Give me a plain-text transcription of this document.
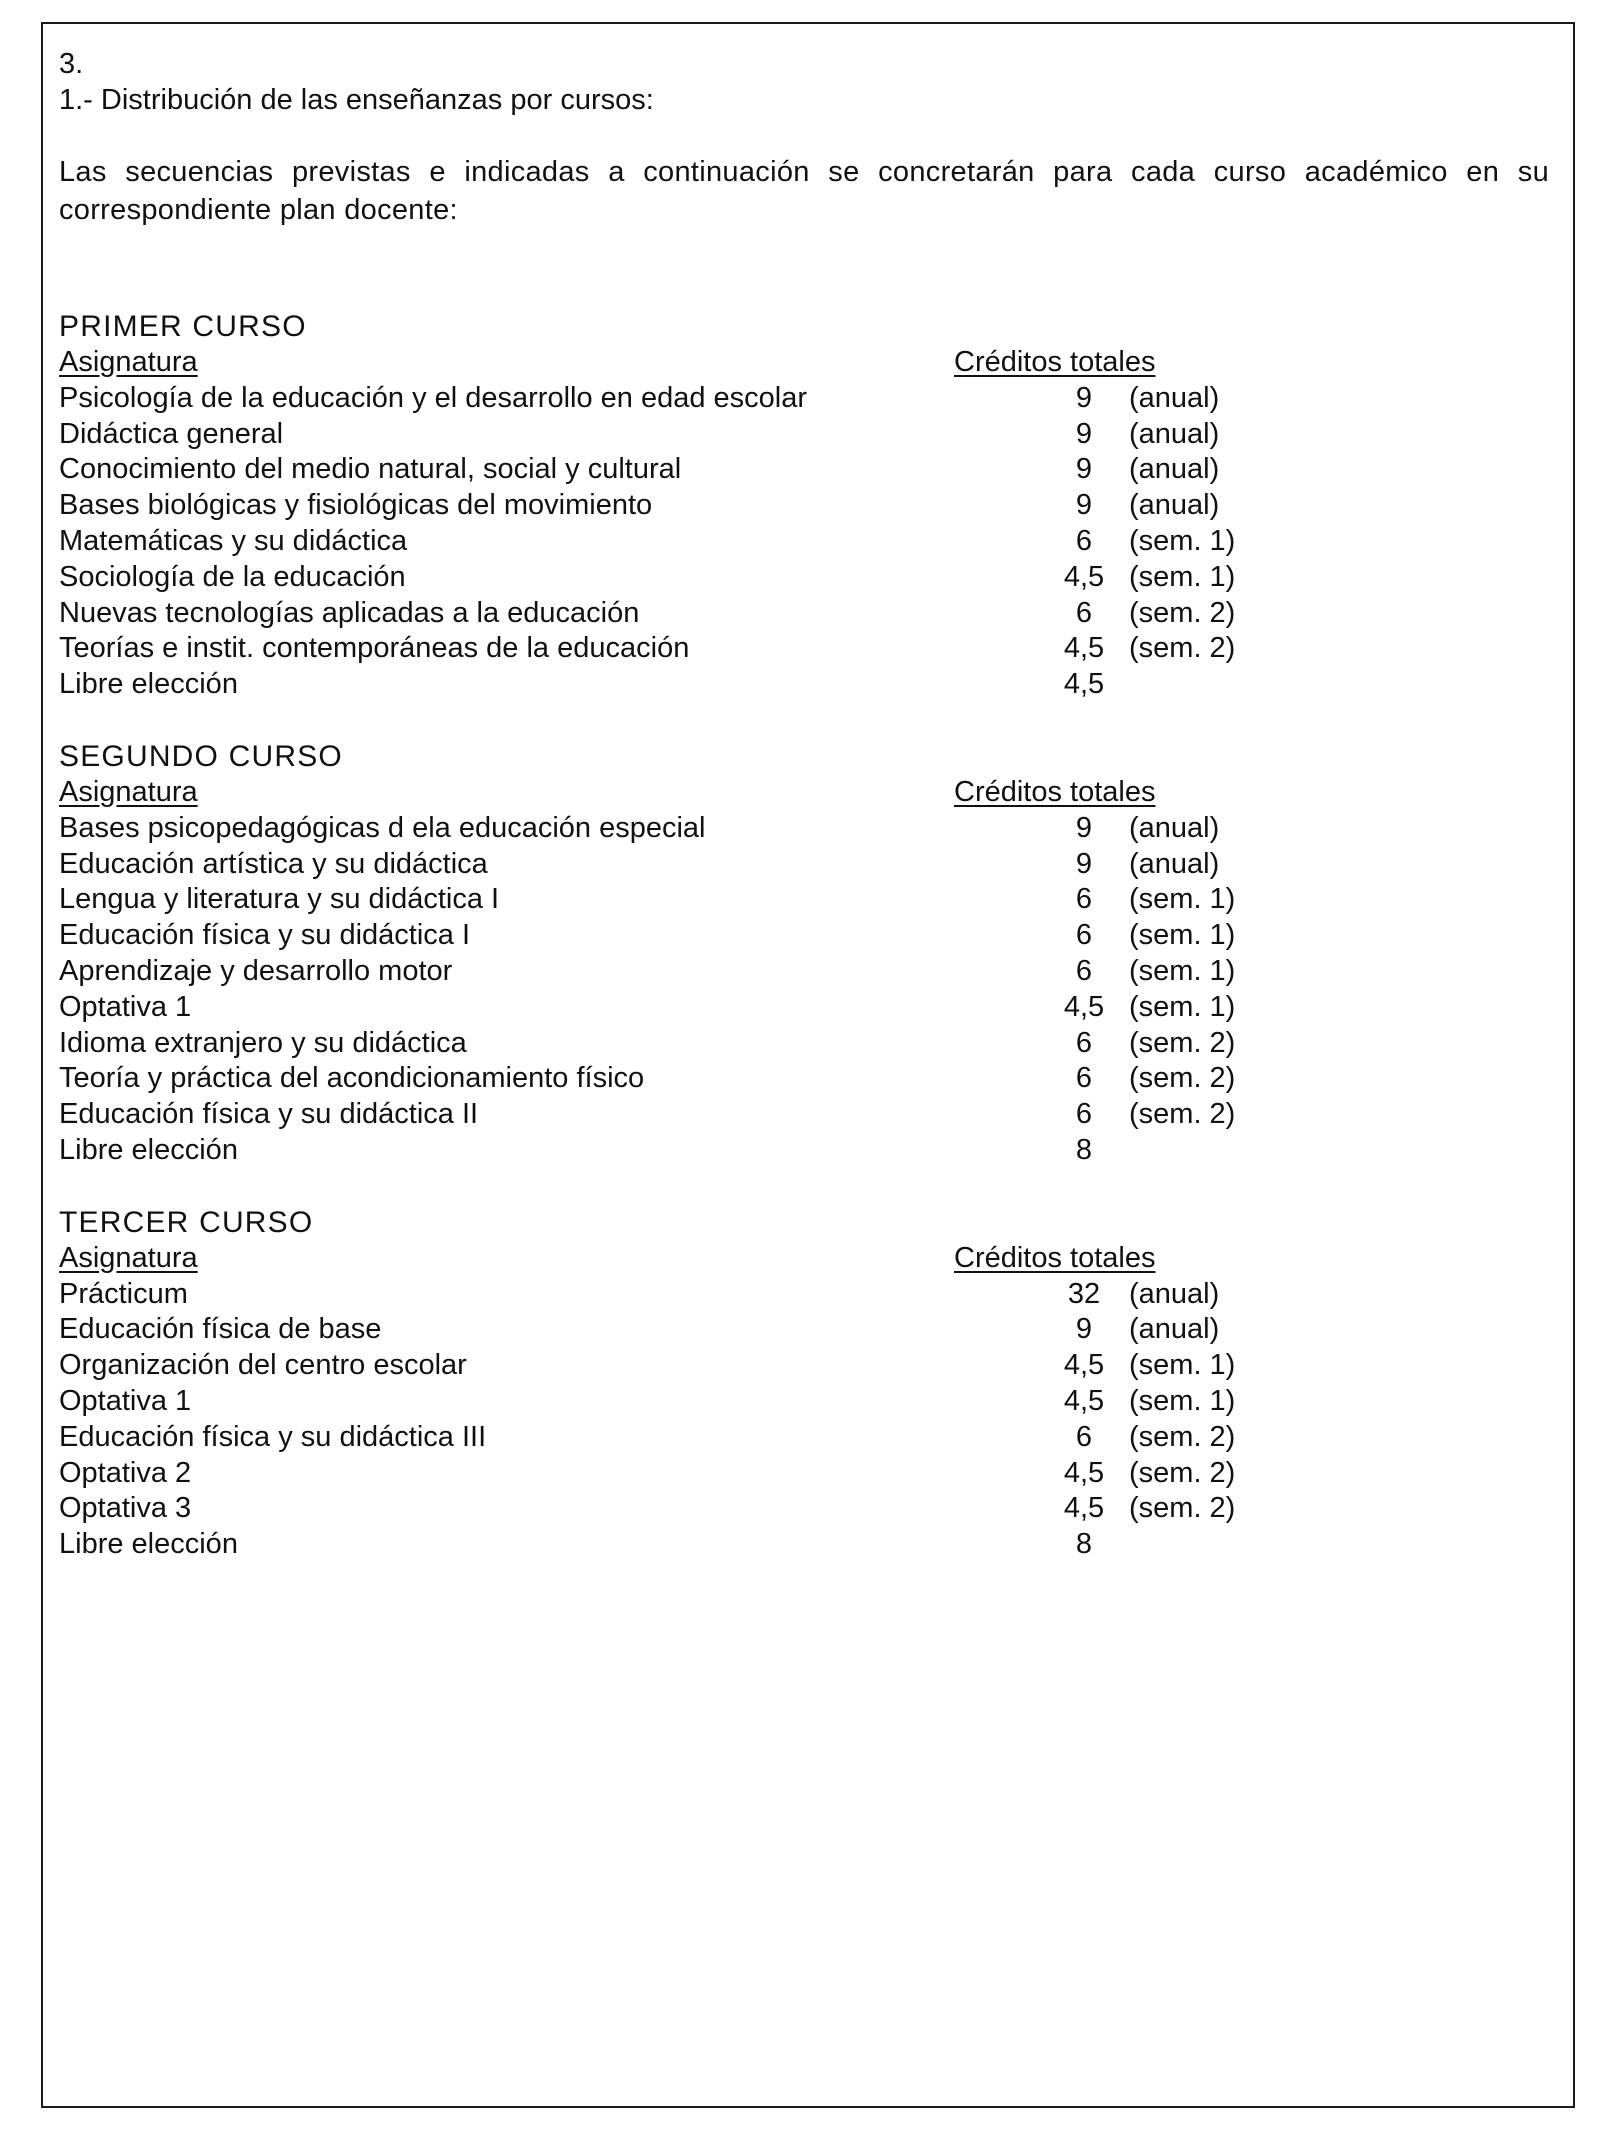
3.
1.- Distribución de las enseñanzas por cursos:
Las secuencias previstas e indicadas a continuación se concretarán para cada curso académico en su correspondiente plan docente:
PRIMER CURSO
Asignatura	Créditos totales
Psicología de la educación y el desarrollo en edad escolar	9	(anual)
Didáctica general	9	(anual)
Conocimiento del medio natural, social y cultural	9	(anual)
Bases biológicas y fisiológicas del movimiento	9	(anual)
Matemáticas y su didáctica	6	(sem. 1)
Sociología de la educación	4,5 (sem. 1)
Nuevas tecnologías aplicadas a la educación	6	(sem. 2)
Teorías e instit. contemporáneas de la educación	4,5 (sem. 2)
Libre elección	4,5
SEGUNDO CURSO
Asignatura	Créditos totales
Bases psicopedagógicas d ela educación especial	9	(anual)
Educación artística y su didáctica	9	(anual)
Lengua y literatura y su didáctica I	6	(sem. 1)
Educación física y su didáctica I	6	(sem. 1)
Aprendizaje y desarrollo motor	6	(sem. 1)
Optativa 1	4,5 (sem. 1)
Idioma extranjero y su didáctica	6	(sem. 2)
Teoría y práctica del acondicionamiento físico	6	(sem. 2)
Educación física y su didáctica II	6	(sem. 2)
Libre elección	8
TERCER CURSO
Asignatura	Créditos totales
Prácticum	32 (anual)
Educación física de base	9	(anual)
Organización del centro escolar	4,5 (sem. 1)
Optativa 1	4,5 (sem. 1)
Educación física y su didáctica III	6	(sem. 2)
Optativa 2	4,5 (sem. 2)
Optativa 3	4,5 (sem. 2)
Libre elección	8
